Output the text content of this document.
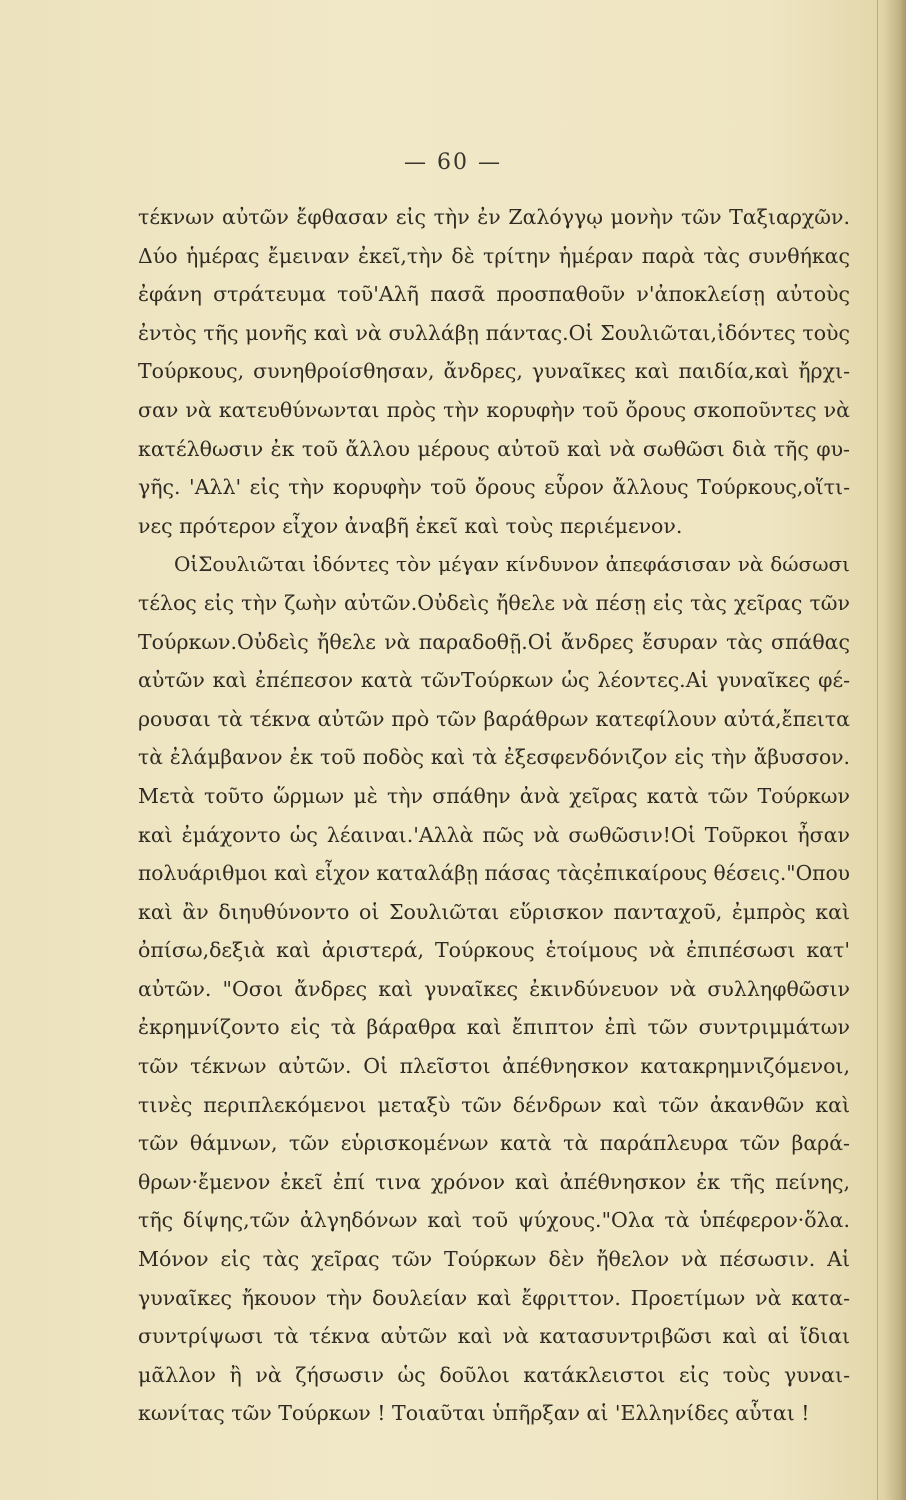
— 60 —
τέκνων αὐτῶν ἔφθασαν εἰς τὴν ἐν Ζαλόγγῳ μονὴν τῶν Ταξιαρχῶν.
Δύο ἡμέρας ἔμειναν ἐκεῖ,τὴν δὲ τρίτην ἡμέραν παρὰ τὰς συνθήκας
ἐφάνη στράτευμα τοῦ'Αλῆ πασᾶ προσπαθοῦν ν'ἀποκλείσῃ αὐτοὺς
ἐντὸς τῆς μονῆς καὶ νὰ συλλάβῃ πάντας.Οἱ Σουλιῶται,ἰδόντες τοὺς
Τούρκους, συνηθροίσθησαν, ἄνδρες, γυναῖκες καὶ παιδία,καὶ ἤρχι-
σαν νὰ κατευθύνωνται πρὸς τὴν κορυφὴν τοῦ ὄρους σκοποῦντες νὰ
κατέλθωσιν ἐκ τοῦ ἄλλου μέρους αὐτοῦ καὶ νὰ σωθῶσι διὰ τῆς φυ-
γῆς. 'Αλλ' εἰς τὴν κορυφὴν τοῦ ὄρους εὗρον ἄλλους Τούρκους,οἵτι-
νες πρότερον εἶχον ἀναβῆ ἐκεῖ καὶ τοὺς περιέμενον.
ΟἱΣουλιῶται ἰδόντες τὸν μέγαν κίνδυνον ἀπεφάσισαν νὰ δώσωσι
τέλος εἰς τὴν ζωὴν αὐτῶν.Οὐδεὶς ἤθελε νὰ πέσῃ εἰς τὰς χεῖρας τῶν
Τούρκων.Οὐδεὶς ἤθελε νὰ παραδοθῇ.Οἱ ἄνδρες ἔσυραν τὰς σπάθας
αὐτῶν καὶ ἐπέπεσον κατὰ τῶνΤούρκων ὡς λέοντες.Αἱ γυναῖκες φέ-
ρουσαι τὰ τέκνα αὐτῶν πρὸ τῶν βαράθρων κατεφίλουν αὐτά,ἔπειτα
τὰ ἐλάμβανον ἐκ τοῦ ποδὸς καὶ τὰ ἐξεσφενδόνιζον εἰς τὴν ἄβυσσον.
Μετὰ τοῦτο ὥρμων μὲ τὴν σπάθην ἀνὰ χεῖρας κατὰ τῶν Τούρκων
καὶ ἐμάχοντο ὡς λέαιναι.'Αλλὰ πῶς νὰ σωθῶσιν!Οἱ Τοῦρκοι ἦσαν
πολυάριθμοι καὶ εἶχον καταλάβῃ πάσας τὰςἐπικαίρους θέσεις."Οπου
καὶ ἂν διηυθύνοντο οἱ Σουλιῶται εὕρισκον πανταχοῦ, ἐμπρὸς καὶ
ὀπίσω,δεξιὰ καὶ ἀριστερά, Τούρκους ἑτοίμους νὰ ἐπιπέσωσι κατ'
αὐτῶν. "Οσοι ἄνδρες καὶ γυναῖκες ἐκινδύνευον νὰ συλληφθῶσιν
ἐκρημνίζοντο εἰς τὰ βάραθρα καὶ ἔπιπτον ἐπὶ τῶν συντριμμάτων
τῶν τέκνων αὐτῶν. Οἱ πλεῖστοι ἀπέθνησκον κατακρημνιζόμενοι,
τινὲς περιπλεκόμενοι μεταξὺ τῶν δένδρων καὶ τῶν ἀκανθῶν καὶ
τῶν θάμνων, τῶν εὑρισκομένων κατὰ τὰ παράπλευρα τῶν βαρά-
θρων·ἔμενον ἐκεῖ ἐπί τινα χρόνον καὶ ἀπέθνησκον ἐκ τῆς πείνης,
τῆς δίψης,τῶν ἀλγηδόνων καὶ τοῦ ψύχους."Ολα τὰ ὑπέφερον·ὅλα.
Μόνον εἰς τὰς χεῖρας τῶν Τούρκων δὲν ἤθελον νὰ πέσωσιν. Αἱ
γυναῖκες ἤκουον τὴν δουλείαν καὶ ἔφριττον. Προετίμων νὰ κατα-
συντρίψωσι τὰ τέκνα αὐτῶν καὶ νὰ κατασυντριβῶσι καὶ αἱ ἴδιαι
μᾶλλον ἢ νὰ ζήσωσιν ὡς δοῦλοι κατάκλειστοι εἰς τοὺς γυναι-
κωνίτας τῶν Τούρκων ! Τοιαῦται ὑπῆρξαν αἱ 'Ελληνίδες αὗται !
